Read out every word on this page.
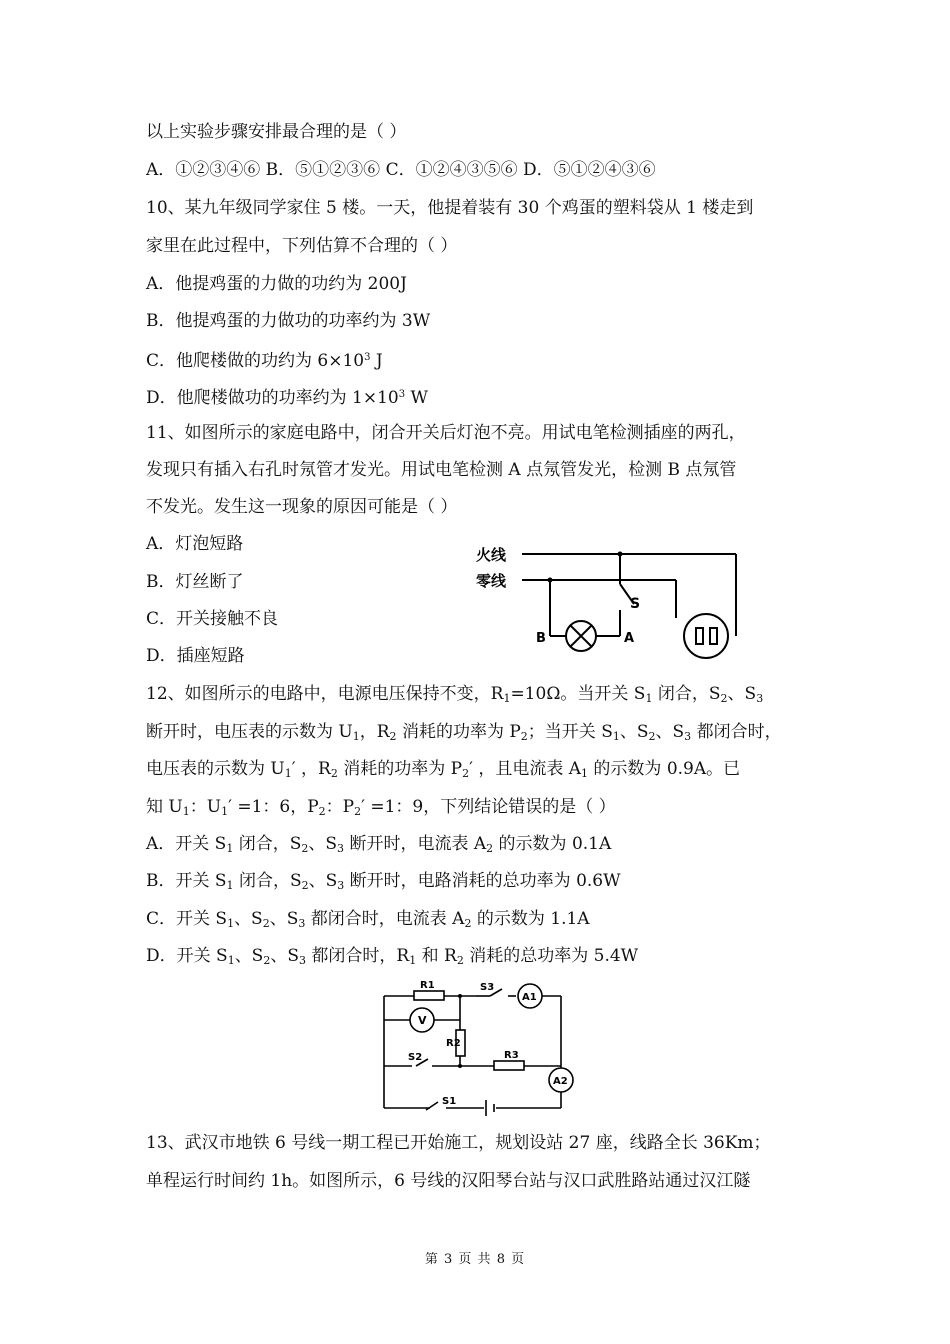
以上实验步骤安排最合理的是（ ）
A．①②③④⑥ B．⑤①②③⑥ C．①②④③⑤⑥ D．⑤①②④③⑥
10、某九年级同学家住 5 楼。一天，他提着装有 30 个鸡蛋的塑料袋从 1 楼走到
家里在此过程中，下列估算不合理的（ ）
A．他提鸡蛋的力做的功约为 200J
B．他提鸡蛋的力做功的功率约为 3W
C．他爬楼做的功约为 $6\times 10^3$ J
D．他爬楼做功的功率约为 $1\times 10^3$ W
11、如图所示的家庭电路中，闭合开关后灯泡不亮。用试电笔检测插座的两孔，
发现只有插入右孔时氖管才发光。用试电笔检测 A 点氖管发光，检测 B 点氖管
不发光。发生这一现象的原因可能是（ ）
A．灯泡短路
B．灯丝断了
C．开关接触不良
D．插座短路
火线
零线
S
A
B
12、如图所示的电路中，电源电压保持不变，$R_1=10\Omega$。当开关 $S_1$ 闭合，$S_2$、$S_3$
断开时，电压表的示数为 $U_1$，$R_2$ 消耗的功率为 $P_2$；当开关 $S_1$、$S_2$、$S_3$ 都闭合时，
电压表的示数为 $U_1'$ ，$R_2$ 消耗的功率为 $P_2'$ ，且电流表 $A_1$ 的示数为 0.9A。已
知 $U_1$：$U_1' =1$：6，$P_2$：$P_2' =1$：9，下列结论错误的是（ ）
A．开关 $S_1$ 闭合，$S_2$、$S_3$ 断开时，电流表 $A_2$ 的示数为 0.1A
B．开关 $S_1$ 闭合，$S_2$、$S_3$ 断开时，电路消耗的总功率为 0.6W
C．开关 $S_1$、$S_2$、$S_3$ 都闭合时，电流表 $A_2$ 的示数为 1.1A
D．开关 $S_1$、$S_2$、$S_3$ 都闭合时，$R_1$ 和 $R_2$ 消耗的总功率为 5.4W
R1
R2
R3
S1
S2
S3
A1
A2
V
13、武汉市地铁 6 号线一期工程已开始施工，规划设站 27 座，线路全长 36Km；
单程运行时间约 1h。如图所示，6 号线的汉阳琴台站与汉口武胜路站通过汉江隧
第 3 页 共 8 页
